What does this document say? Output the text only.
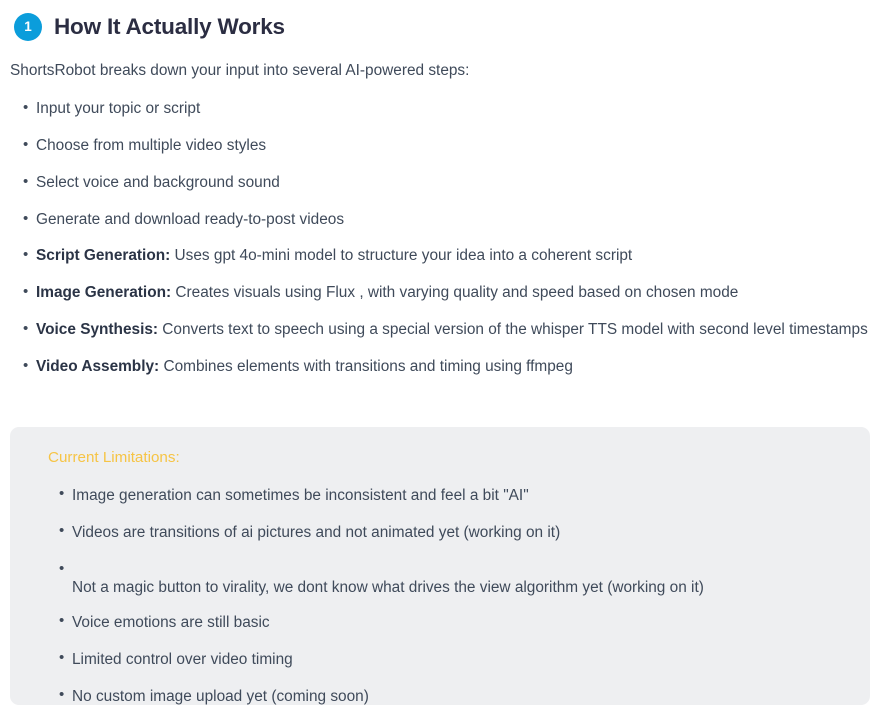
1 How It Actually Works

ShortsRobot breaks down your input into several AI-powered steps:

• Input your topic or script
• Choose from multiple video styles
• Select voice and background sound
• Generate and download ready-to-post videos
• Script Generation: Uses gpt 4o-mini model to structure your idea into a coherent script
• Image Generation: Creates visuals using Flux , with varying quality and speed based on chosen mode
• Voice Synthesis: Converts text to speech using a special version of the whisper TTS model with second level timestamps
• Video Assembly: Combines elements with transitions and timing using ffmpeg
Current Limitations:
• Image generation can sometimes be inconsistent and feel a bit "AI"
• Videos are transitions of ai pictures and not animated yet (working on it)
• Not a magic button to virality, we dont know what drives the view algorithm yet (working on it)
• Voice emotions are still basic
• Limited control over video timing
• No custom image upload yet (coming soon)
